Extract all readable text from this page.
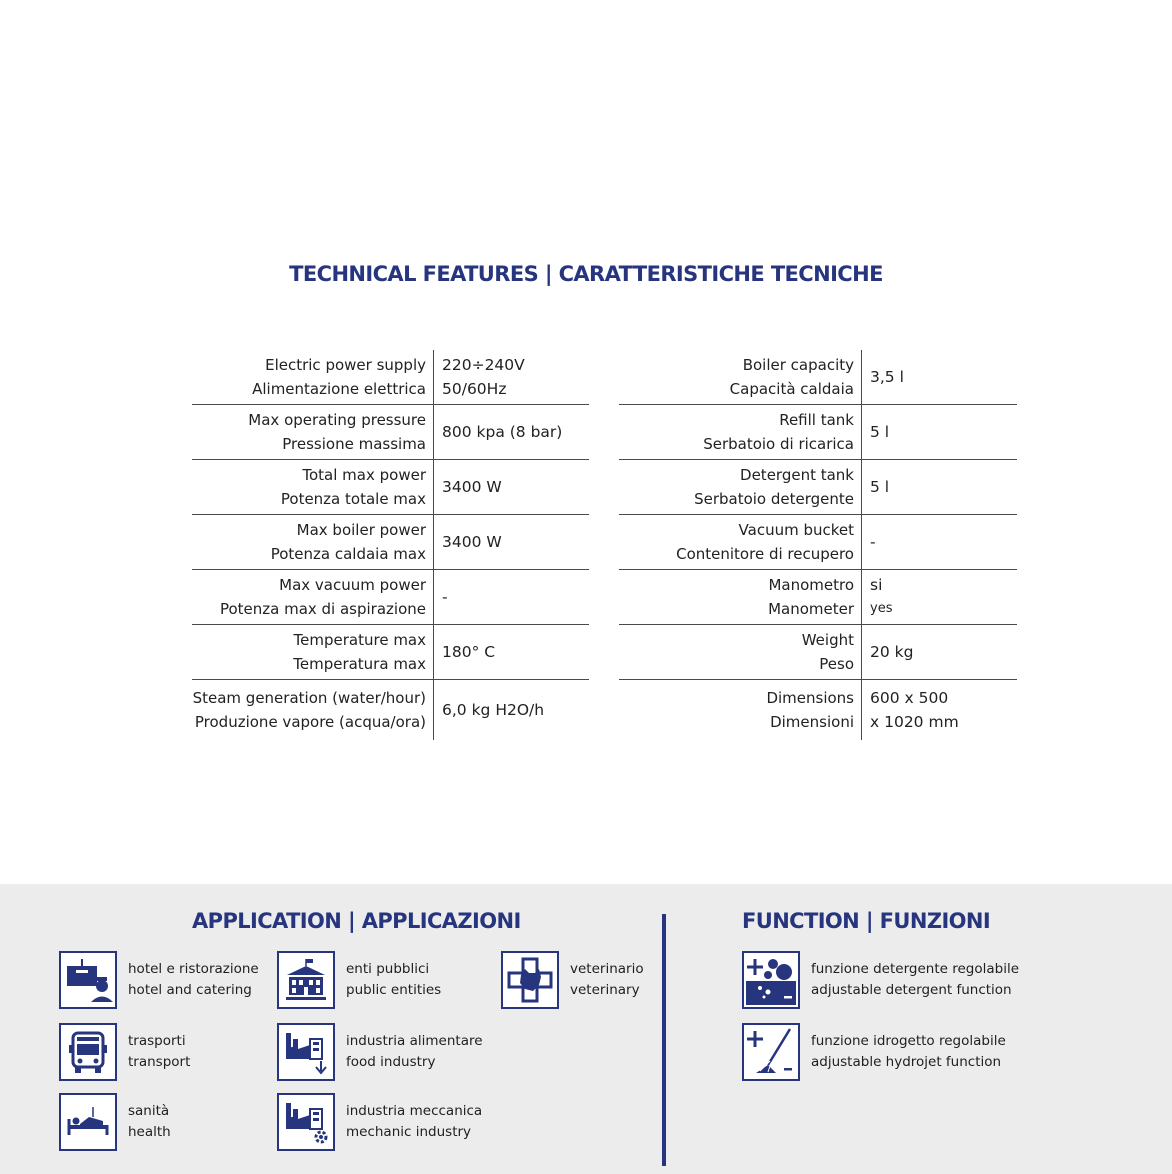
TECHNICAL FEATURES | CARATTERISTICHE TECNICHE
Electric power supply
Alimentazione elettrica
220÷240V
50/60Hz
Max operating pressure
Pressione massima
800 kpa (8 bar)
Total max power
Potenza totale max
3400 W
Max boiler power
Potenza caldaia max
3400 W
Max vacuum power
Potenza max di aspirazione
-
Temperature max
Temperatura max
180° C
Steam generation (water/hour)
Produzione vapore (acqua/ora)
6,0 kg H2O/h
Boiler capacity
Capacità caldaia
3,5 l
Refill tank
Serbatoio di ricarica
5 l
Detergent tank
Serbatoio detergente
5 l
Vacuum bucket
Contenitore di recupero
-
Manometro
Manometer
si
yes
Weight
Peso
20 kg
Dimensions
Dimensioni
600 x 500
x 1020 mm
APPLICATION | APPLICAZIONI	FUNCTION | FUNZIONI
hotel e ristorazione
hotel and catering
trasporti
transport
sanità
health
enti pubblici
public entities
industria alimentare
food industry
industria meccanica
mechanic industry
veterinario
veterinary
funzione detergente regolabile
adjustable detergent function
funzione idrogetto regolabile
adjustable hydrojet function
